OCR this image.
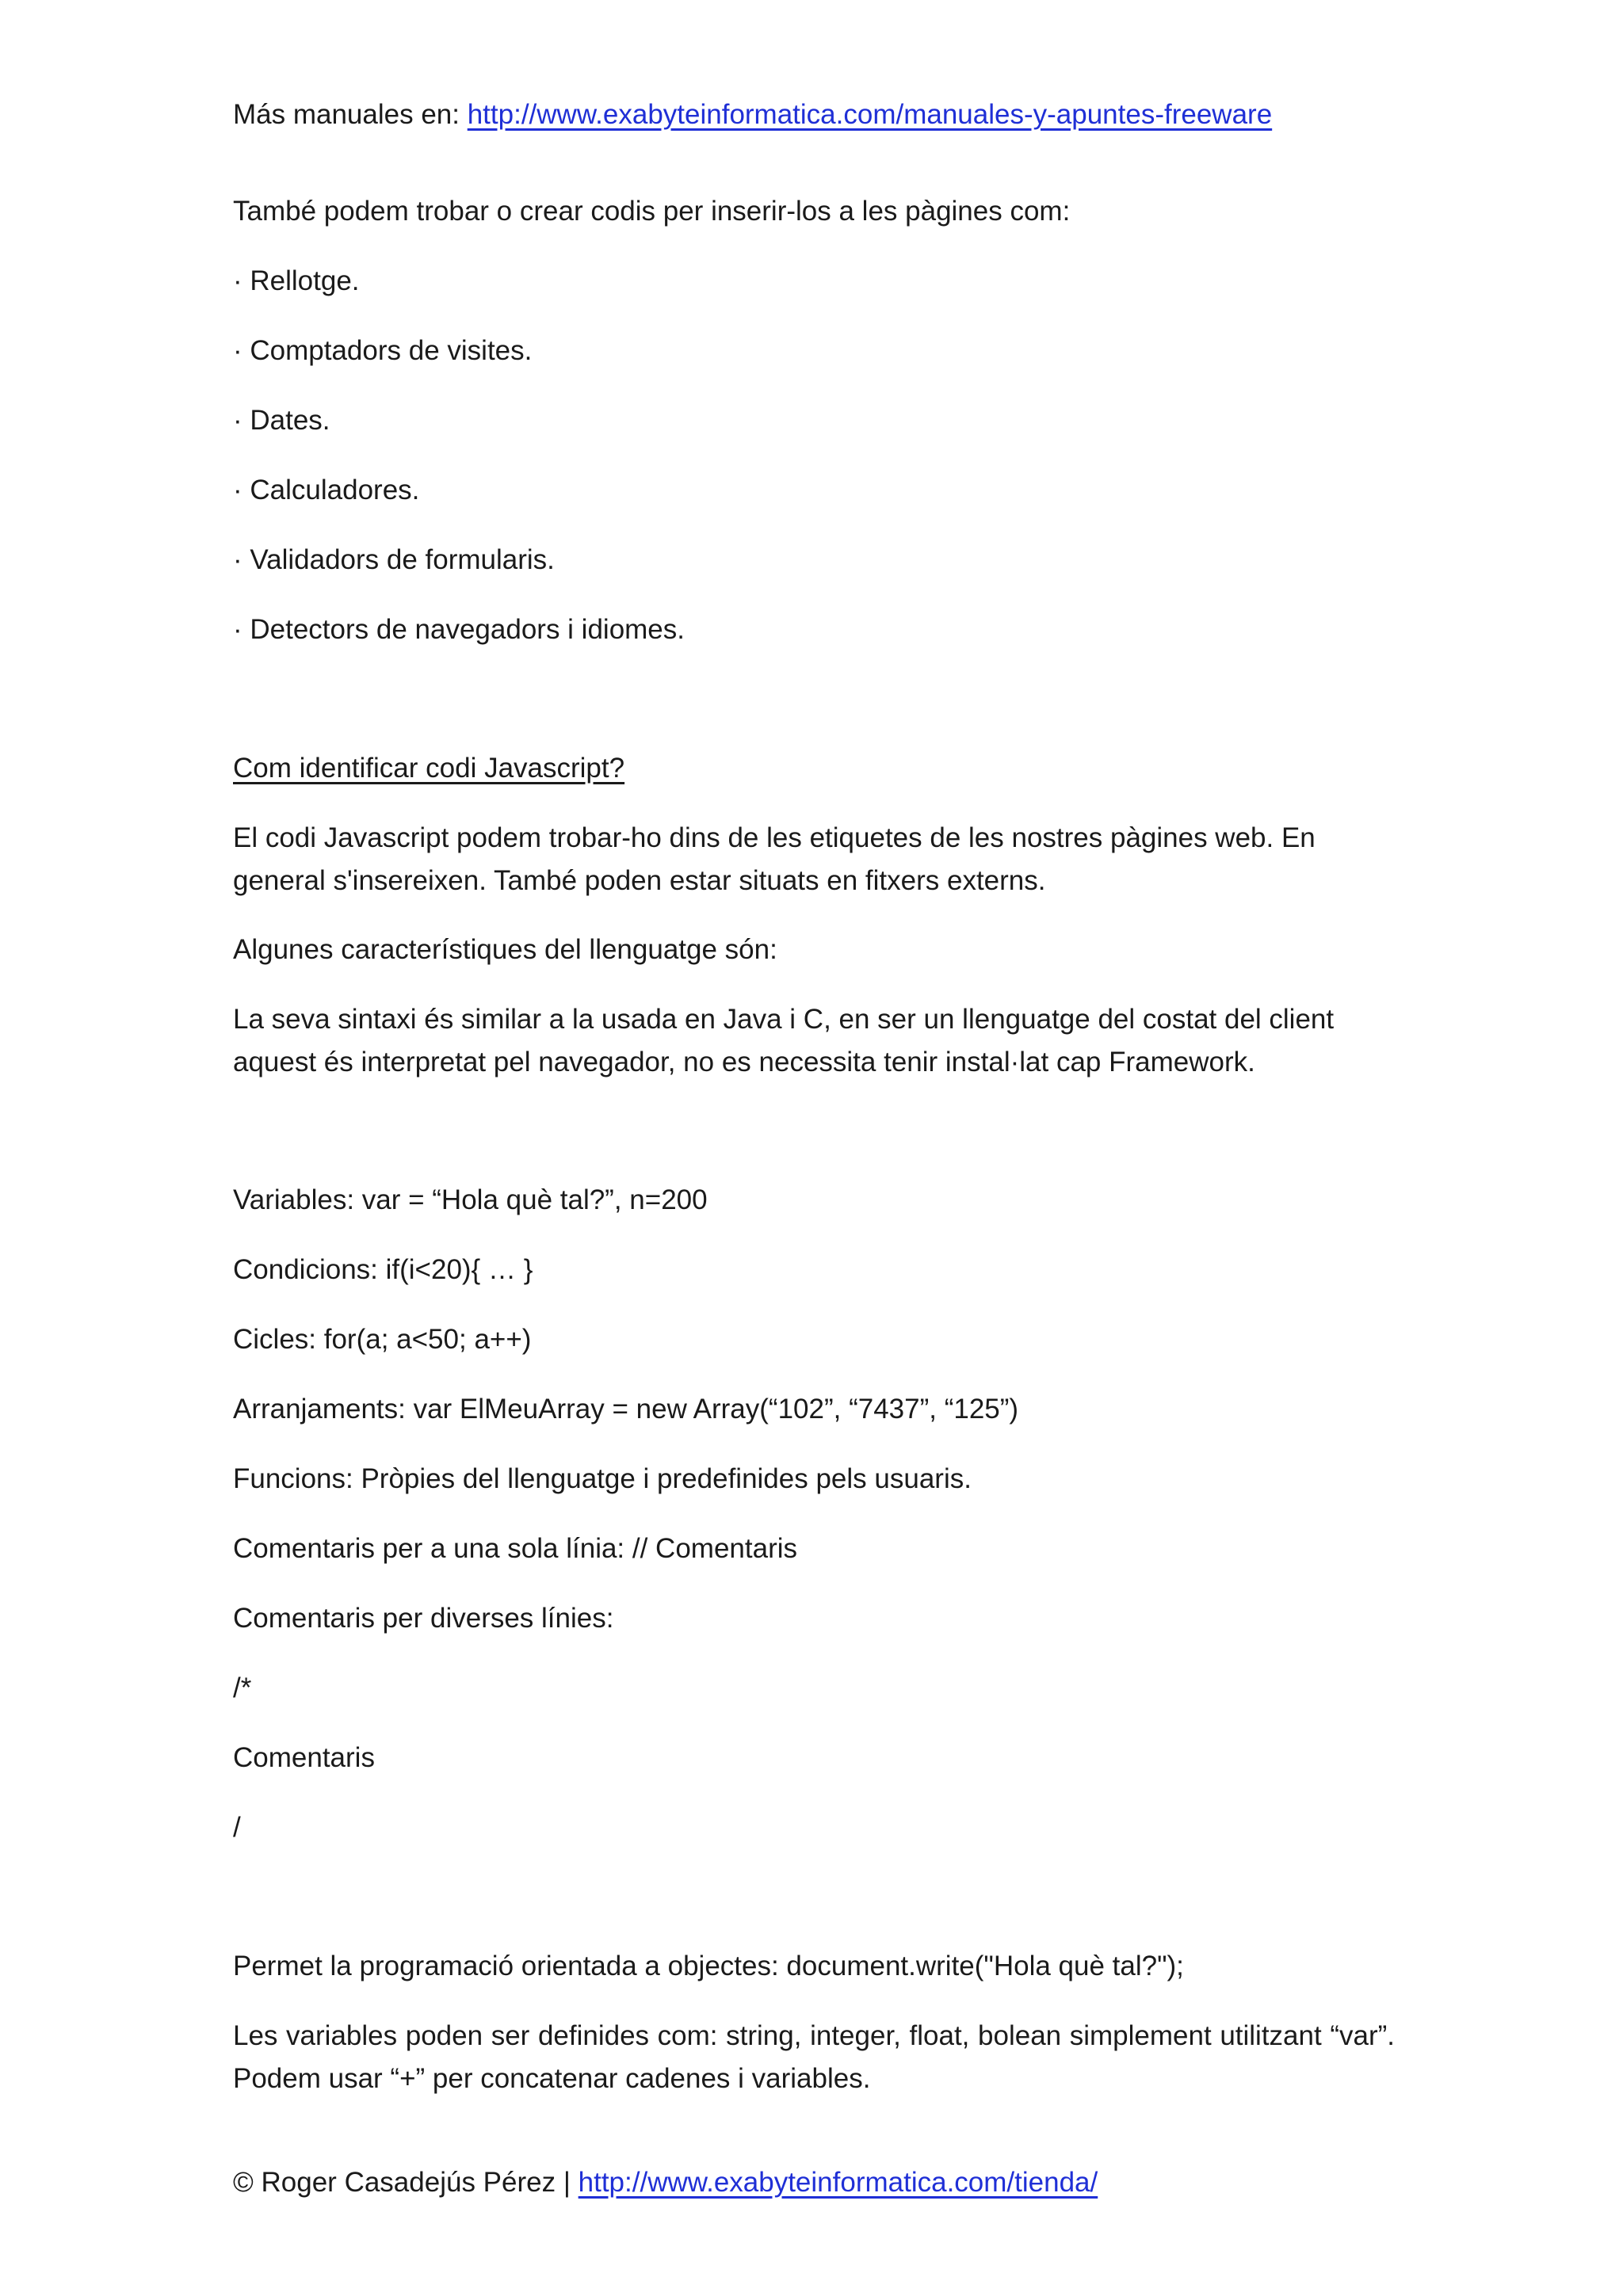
Más manuales en: http://www.exabyteinformatica.com/manuales-y-apuntes-freeware

També podem trobar o crear codis per inserir-los a les pàgines com:

· Rellotge.

· Comptadors de visites.

· Dates.

· Calculadores.

· Validadors de formularis.

· Detectors de navegadors i idiomes.

Com identificar codi Javascript?

El codi Javascript podem trobar-ho dins de les etiquetes de les nostres pàgines web. En general s'insereixen. També poden estar situats en fitxers externs.

Algunes característiques del llenguatge són:

La seva sintaxi és similar a la usada en Java i C, en ser un llenguatge del costat del client aquest és interpretat pel navegador, no es necessita tenir instal·lat cap Framework.

Variables: var = “Hola què tal?”, n=200

Condicions: if(i<20){ … }

Cicles: for(a; a<50; a++)

Arranjaments: var ElMeuArray = new Array(“102”, “7437”, “125”)

Funcions: Pròpies del llenguatge i predefinides pels usuaris.

Comentaris per a una sola línia: // Comentaris

Comentaris per diverses línies:

/*

Comentaris

/

Permet la programació orientada a objectes: document.write("Hola què tal?");

Les variables poden ser definides com: string, integer, float, bolean simplement utilitzant “var”. Podem usar “+” per concatenar cadenes i variables.

© Roger Casadejús Pérez | http://www.exabyteinformatica.com/tienda/
